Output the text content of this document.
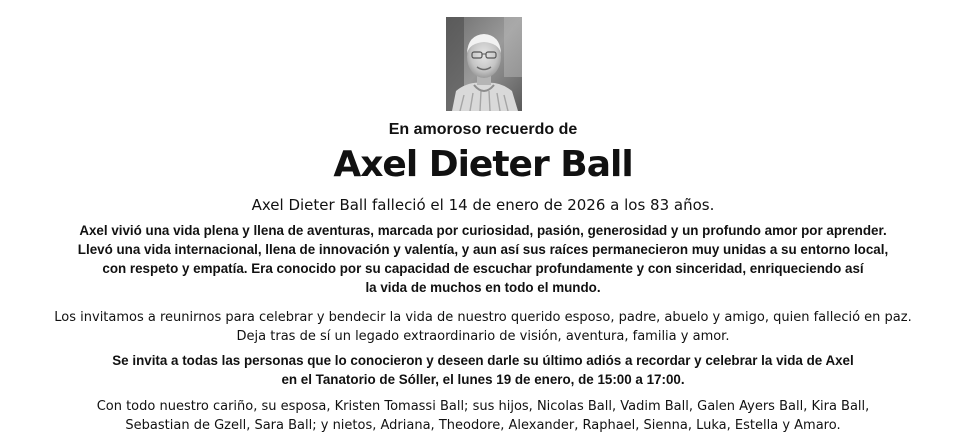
En amoroso recuerdo de
Axel Dieter Ball
Axel Dieter Ball falleció el 14 de enero de 2026 a los 83 años.
Axel vivió una vida plena y llena de aventuras, marcada por curiosidad, pasión, generosidad y un profundo amor por aprender.
Llevó una vida internacional, llena de innovación y valentía, y aun así sus raíces permanecieron muy unidas a su entorno local,
con respeto y empatía. Era conocido por su capacidad de escuchar profundamente y con sinceridad, enriqueciendo así
la vida de muchos en todo el mundo.
Los invitamos a reunirnos para celebrar y bendecir la vida de nuestro querido esposo, padre, abuelo y amigo, quien falleció en paz.
Deja tras de sí un legado extraordinario de visión, aventura, familia y amor.
Se invita a todas las personas que lo conocieron y deseen darle su último adiós a recordar y celebrar la vida de Axel
en el Tanatorio de Sóller, el lunes 19 de enero, de 15:00 a 17:00.
Con todo nuestro cariño, su esposa, Kristen Tomassi Ball; sus hijos, Nicolas Ball, Vadim Ball, Galen Ayers Ball, Kira Ball,
Sebastian de Gzell, Sara Ball; y nietos, Adriana, Theodore, Alexander, Raphael, Sienna, Luka, Estella y Amaro.
